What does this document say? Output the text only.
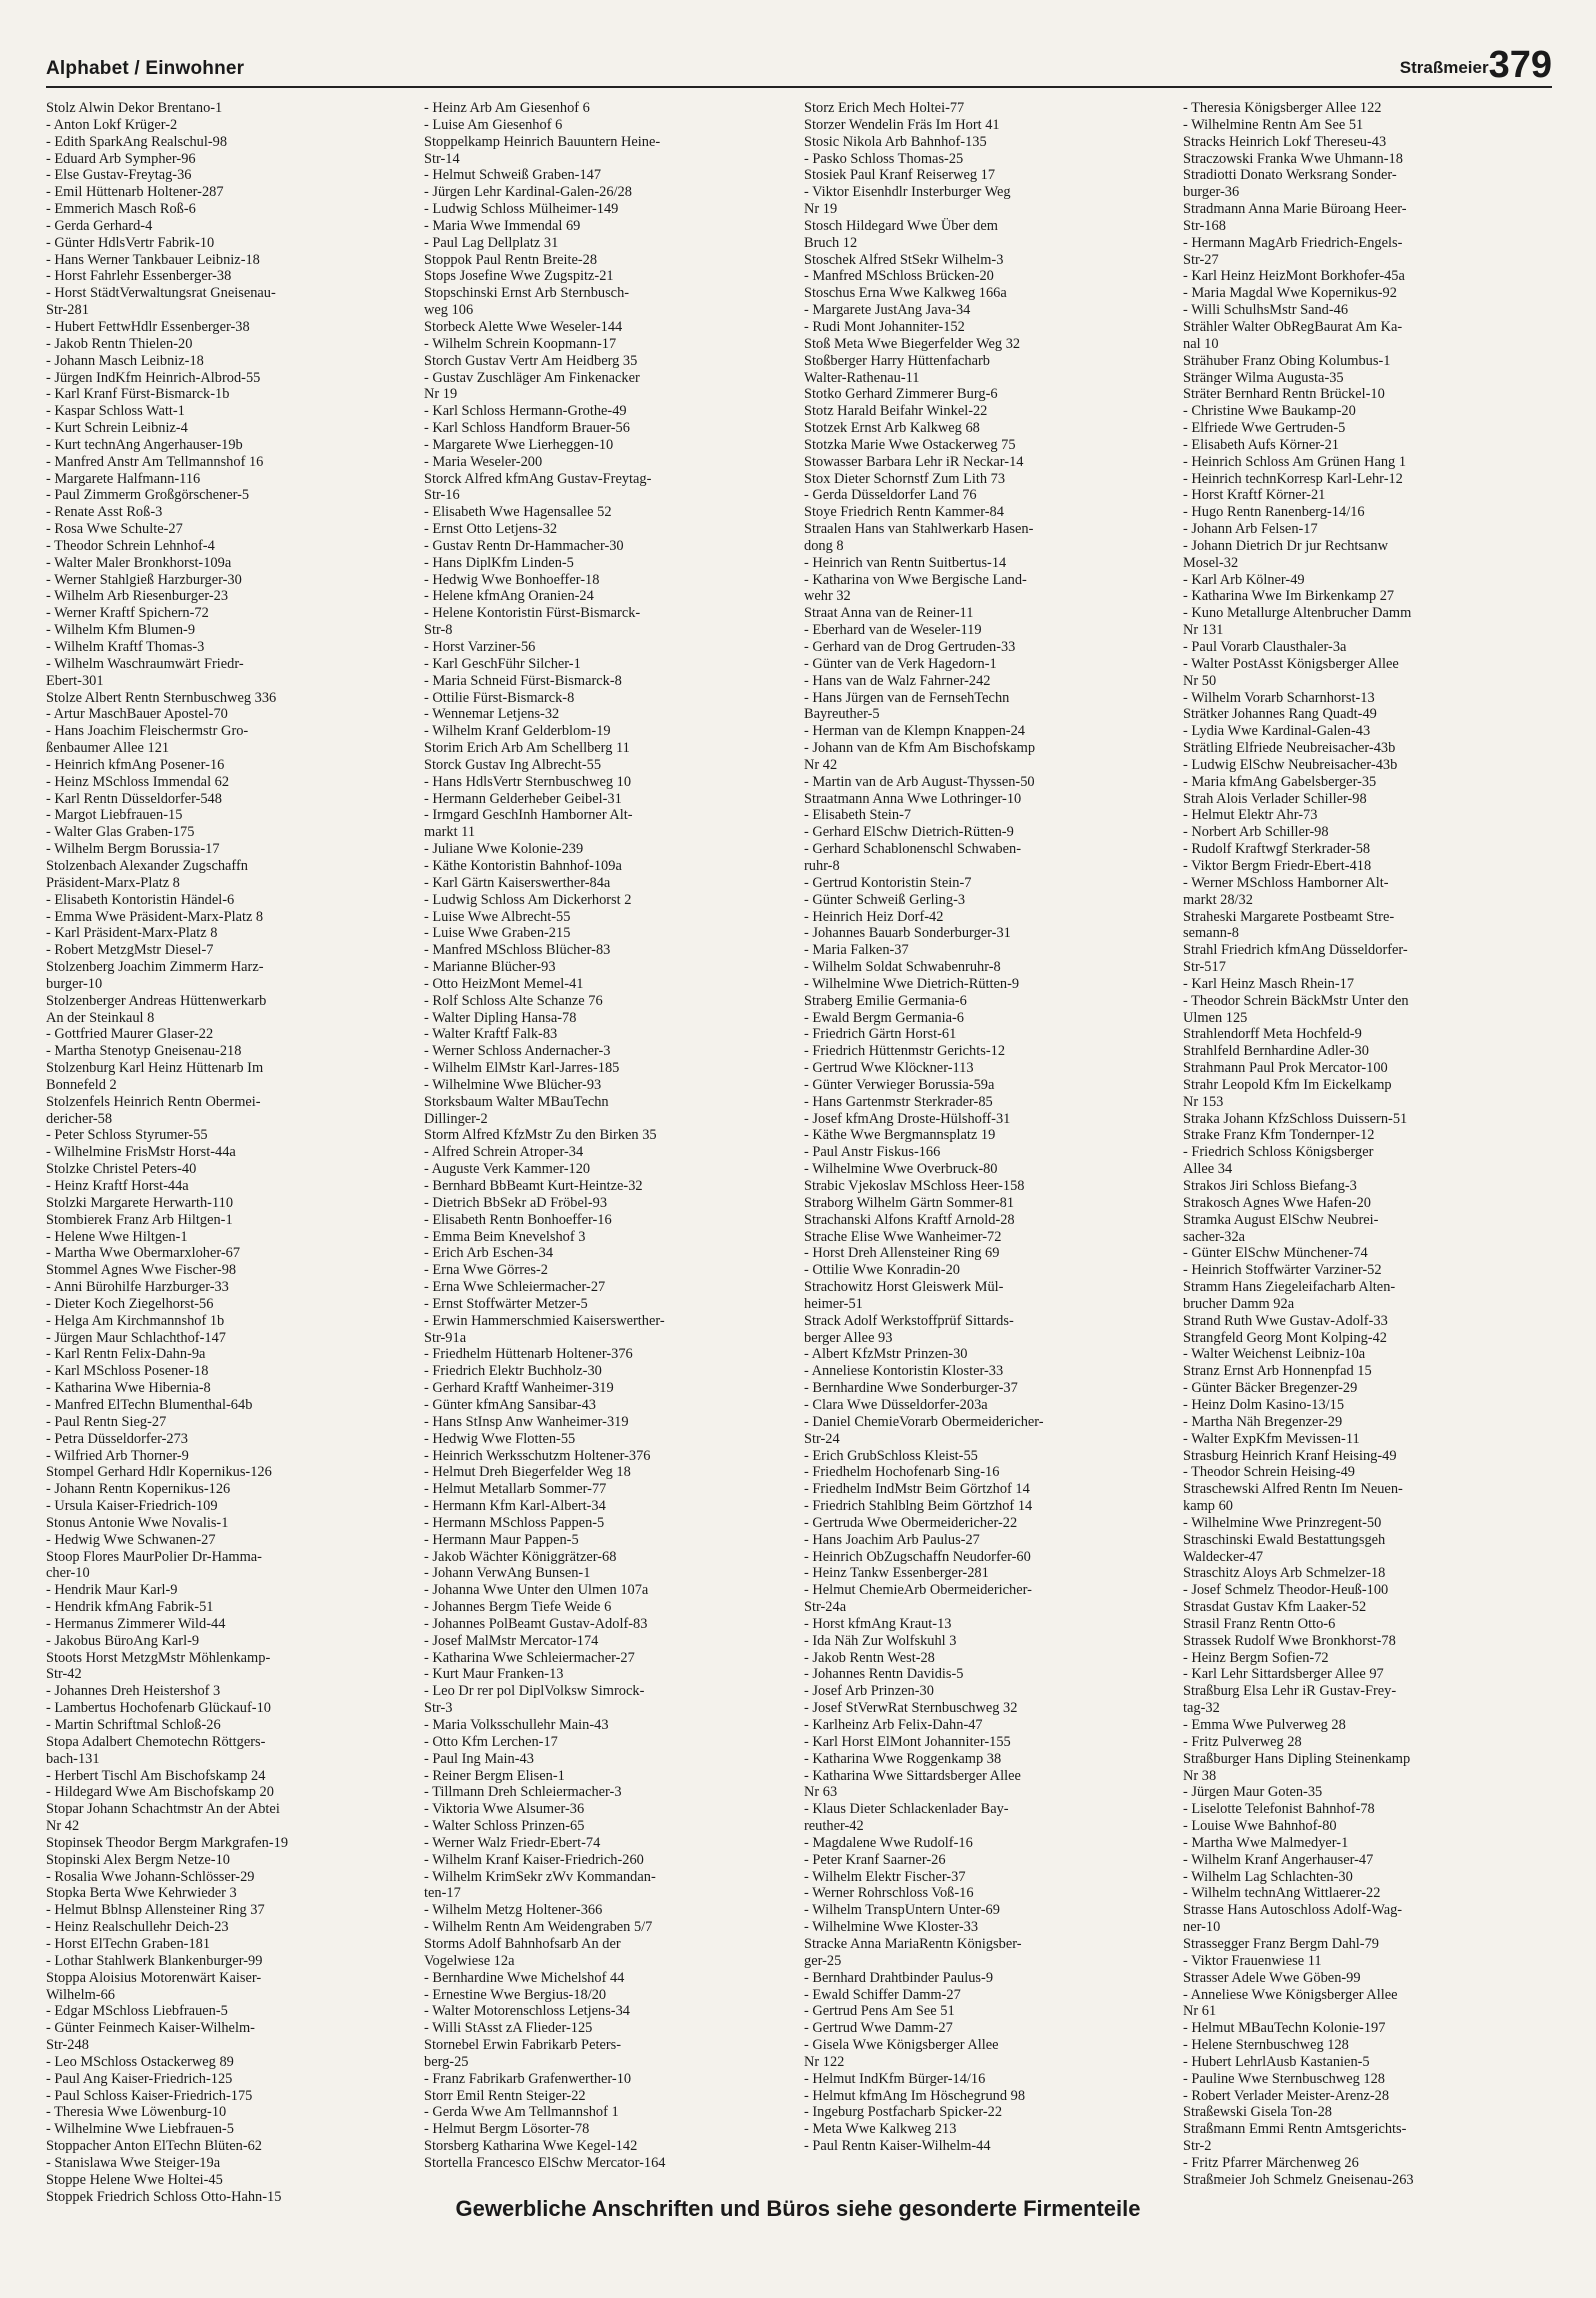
Alphabet / Einwohner	Straßmeier379

Stolz Alwin Dekor Brentano-1

- Anton Lokf Krüger-2

- Edith SparkAng Realschul-98

- Eduard Arb Sympher-96

- Else Gustav-Freytag-36

- Emil Hüttenarb Holtener-287

- Emmerich Masch Roß-6

- Gerda Gerhard-4

- Günter HdlsVertr Fabrik-10

- Hans Werner Tankbauer Leibniz-18

- Horst Fahrlehr Essenberger-38

- Horst StädtVerwaltungsrat Gneisenau-

Str-281

- Hubert FettwHdlr Essenberger-38

- Jakob Rentn Thielen-20

- Johann Masch Leibniz-18

- Jürgen IndKfm Heinrich-Albrod-55

- Karl Kranf Fürst-Bismarck-1b

- Kaspar Schloss Watt-1

- Kurt Schrein Leibniz-4

- Kurt technAng Angerhauser-19b

- Manfred Anstr Am Tellmannshof 16

- Margarete Halfmann-116

- Paul Zimmerm Großgörschener-5

- Renate Asst Roß-3

- Rosa Wwe Schulte-27

- Theodor Schrein Lehnhof-4

- Walter Maler Bronkhorst-109a

- Werner Stahlgieß Harzburger-30

- Wilhelm Arb Riesenburger-23

- Werner Kraftf Spichern-72

- Wilhelm Kfm Blumen-9

- Wilhelm Kraftf Thomas-3

- Wilhelm Waschraumwärt Friedr-

Ebert-301

Stolze Albert Rentn Sternbuschweg 336

- Artur MaschBauer Apostel-70

- Hans Joachim Fleischermstr Gro-

ßenbaumer Allee 121

- Heinrich kfmAng Posener-16

- Heinz MSchloss Immendal 62

- Karl Rentn Düsseldorfer-548

- Margot Liebfrauen-15

- Walter Glas Graben-175

- Wilhelm Bergm Borussia-17

Stolzenbach Alexander Zugschaffn

Präsident-Marx-Platz 8

- Elisabeth Kontoristin Händel-6

- Emma Wwe Präsident-Marx-Platz 8

- Karl Präsident-Marx-Platz 8

- Robert MetzgMstr Diesel-7

Stolzenberg Joachim Zimmerm Harz-

burger-10

Stolzenberger Andreas Hüttenwerkarb

An der Steinkaul 8

- Gottfried Maurer Glaser-22

- Martha Stenotyp Gneisenau-218

Stolzenburg Karl Heinz Hüttenarb Im

Bonnefeld 2

Stolzenfels Heinrich Rentn Obermei-

dericher-58

- Peter Schloss Styrumer-55

- Wilhelmine FrisMstr Horst-44a

Stolzke Christel Peters-40

- Heinz Kraftf Horst-44a

Stolzki Margarete Herwarth-110

Stombierek Franz Arb Hiltgen-1

- Helene Wwe Hiltgen-1

- Martha Wwe Obermarxloher-67

Stommel Agnes Wwe Fischer-98

- Anni Bürohilfe Harzburger-33

- Dieter Koch Ziegelhorst-56

- Helga Am Kirchmannshof 1b

- Jürgen Maur Schlachthof-147

- Karl Rentn Felix-Dahn-9a

- Karl MSchloss Posener-18

- Katharina Wwe Hibernia-8

- Manfred ElTechn Blumenthal-64b

- Paul Rentn Sieg-27

- Petra Düsseldorfer-273

- Wilfried Arb Thorner-9

Stompel Gerhard Hdlr Kopernikus-126

- Johann Rentn Kopernikus-126

- Ursula Kaiser-Friedrich-109

Stonus Antonie Wwe Novalis-1

- Hedwig Wwe Schwanen-27

Stoop Flores MaurPolier Dr-Hamma-

cher-10

- Hendrik Maur Karl-9

- Hendrik kfmAng Fabrik-51

- Hermanus Zimmerer Wild-44

- Jakobus BüroAng Karl-9

Stoots Horst MetzgMstr Möhlenkamp-

Str-42

- Johannes Dreh Heistershof 3

- Lambertus Hochofenarb Glückauf-10

- Martin Schriftmal Schloß-26

Stopa Adalbert Chemotechn Röttgers-

bach-131

- Herbert Tischl Am Bischofskamp 24

- Hildegard Wwe Am Bischofskamp 20

Stopar Johann Schachtmstr An der Abtei

Nr 42

Stopinsek Theodor Bergm Markgrafen-19

Stopinski Alex Bergm Netze-10

- Rosalia Wwe Johann-Schlösser-29

Stopka Berta Wwe Kehrwieder 3

- Helmut Bblnsp Allensteiner Ring 37

- Heinz Realschullehr Deich-23

- Horst ElTechn Graben-181

- Lothar Stahlwerk Blankenburger-99

Stoppa Aloisius Motorenwärt Kaiser-

Wilhelm-66

- Edgar MSchloss Liebfrauen-5

- Günter Feinmech Kaiser-Wilhelm-

Str-248

- Leo MSchloss Ostackerweg 89

- Paul Ang Kaiser-Friedrich-125

- Paul Schloss Kaiser-Friedrich-175

- Theresia Wwe Löwenburg-10

- Wilhelmine Wwe Liebfrauen-5

Stoppacher Anton ElTechn Blüten-62

- Stanislawa Wwe Steiger-19a

Stoppe Helene Wwe Holtei-45

Stoppek Friedrich Schloss Otto-Hahn-15

- Heinz Arb Am Giesenhof 6

- Luise Am Giesenhof 6

Stoppelkamp Heinrich Bauuntern Heine-

Str-14

- Helmut Schweiß Graben-147

- Jürgen Lehr Kardinal-Galen-26/28

- Ludwig Schloss Mülheimer-149

- Maria Wwe Immendal 69

- Paul Lag Dellplatz 31

Stoppok Paul Rentn Breite-28

Stops Josefine Wwe Zugspitz-21

Stopschinski Ernst Arb Sternbusch-

weg 106

Storbeck Alette Wwe Weseler-144

- Wilhelm Schrein Koopmann-17

Storch Gustav Vertr Am Heidberg 35

- Gustav Zuschläger Am Finkenacker

Nr 19

- Karl Schloss Hermann-Grothe-49

- Karl Schloss Handform Brauer-56

- Margarete Wwe Lierheggen-10

- Maria Weseler-200

Storck Alfred kfmAng Gustav-Freytag-

Str-16

- Elisabeth Wwe Hagensallee 52

- Ernst Otto Letjens-32

- Gustav Rentn Dr-Hammacher-30

- Hans DiplKfm Linden-5

- Hedwig Wwe Bonhoeffer-18

- Helene kfmAng Oranien-24

- Helene Kontoristin Fürst-Bismarck-

Str-8

- Horst Varziner-56

- Karl GeschFühr Silcher-1

- Maria Schneid Fürst-Bismarck-8

- Ottilie Fürst-Bismarck-8

- Wennemar Letjens-32

- Wilhelm Kranf Gelderblom-19

Storim Erich Arb Am Schellberg 11

Storck Gustav Ing Albrecht-55

- Hans HdlsVertr Sternbuschweg 10

- Hermann Gelderheber Geibel-31

- Irmgard GeschInh Hamborner Alt-

markt 11

- Juliane Wwe Kolonie-239

- Käthe Kontoristin Bahnhof-109a

- Karl Gärtn Kaiserswerther-84a

- Ludwig Schloss Am Dickerhorst 2

- Luise Wwe Albrecht-55

- Luise Wwe Graben-215

- Manfred MSchloss Blücher-83

- Marianne Blücher-93

- Otto HeizMont Memel-41

- Rolf Schloss Alte Schanze 76

- Walter Dipling Hansa-78

- Walter Kraftf Falk-83

- Werner Schloss Andernacher-3

- Wilhelm ElMstr Karl-Jarres-185

- Wilhelmine Wwe Blücher-93

Storksbaum Walter MBauTechn

Dillinger-2

Storm Alfred KfzMstr Zu den Birken 35

- Alfred Schrein Atroper-34

- Auguste Verk Kammer-120

- Bernhard BbBeamt Kurt-Heintze-32

- Dietrich BbSekr aD Fröbel-93

- Elisabeth Rentn Bonhoeffer-16

- Emma Beim Knevelshof 3

- Erich Arb Eschen-34

- Erna Wwe Görres-2

- Erna Wwe Schleiermacher-27

- Ernst Stoffwärter Metzer-5

- Erwin Hammerschmied Kaiserswerther-

Str-91a

- Friedhelm Hüttenarb Holtener-376

- Friedrich Elektr Buchholz-30

- Gerhard Kraftf Wanheimer-319

- Günter kfmAng Sansibar-43

- Hans StInsp Anw Wanheimer-319

- Hedwig Wwe Flotten-55

- Heinrich Werksschutzm Holtener-376

- Helmut Dreh Biegerfelder Weg 18

- Helmut Metallarb Sommer-77

- Hermann Kfm Karl-Albert-34

- Hermann MSchloss Pappen-5

- Hermann Maur Pappen-5

- Jakob Wächter Königgrätzer-68

- Johann VerwAng Bunsen-1

- Johanna Wwe Unter den Ulmen 107a

- Johannes Bergm Tiefe Weide 6

- Johannes PolBeamt Gustav-Adolf-83

- Josef MalMstr Mercator-174

- Katharina Wwe Schleiermacher-27

- Kurt Maur Franken-13

- Leo Dr rer pol DiplVolksw Simrock-

Str-3

- Maria Volksschullehr Main-43

- Otto Kfm Lerchen-17

- Paul Ing Main-43

- Reiner Bergm Elisen-1

- Tillmann Dreh Schleiermacher-3

- Viktoria Wwe Alsumer-36

- Walter Schloss Prinzen-65

- Werner Walz Friedr-Ebert-74

- Wilhelm Kranf Kaiser-Friedrich-260

- Wilhelm KrimSekr zWv Kommandan-

ten-17

- Wilhelm Metzg Holtener-366

- Wilhelm Rentn Am Weidengraben 5/7

Storms Adolf Bahnhofsarb An der

Vogelwiese 12a

- Bernhardine Wwe Michelshof 44

- Ernestine Wwe Bergius-18/20

- Walter Motorenschloss Letjens-34

- Willi StAsst zA Flieder-125

Stornebel Erwin Fabrikarb Peters-

berg-25

- Franz Fabrikarb Grafenwerther-10

Storr Emil Rentn Steiger-22

- Gerda Wwe Am Tellmannshof 1

- Helmut Bergm Lösorter-78

Storsberg Katharina Wwe Kegel-142

Stortella Francesco ElSchw Mercator-164

Storz Erich Mech Holtei-77

Storzer Wendelin Fräs Im Hort 41

Stosic Nikola Arb Bahnhof-135

- Pasko Schloss Thomas-25

Stosiek Paul Kranf Reiserweg 17

- Viktor Eisenhdlr Insterburger Weg

Nr 19

Stosch Hildegard Wwe Über dem

Bruch 12

Stoschek Alfred StSekr Wilhelm-3

- Manfred MSchloss Brücken-20

Stoschus Erna Wwe Kalkweg 166a

- Margarete JustAng Java-34

- Rudi Mont Johanniter-152

Stoß Meta Wwe Biegerfelder Weg 32

Stoßberger Harry Hüttenfacharb

Walter-Rathenau-11

Stotko Gerhard Zimmerer Burg-6

Stotz Harald Beifahr Winkel-22

Stotzek Ernst Arb Kalkweg 68

Stotzka Marie Wwe Ostackerweg 75

Stowasser Barbara Lehr iR Neckar-14

Stox Dieter Schornstf Zum Lith 73

- Gerda Düsseldorfer Land 76

Stoye Friedrich Rentn Kammer-84

Straalen Hans van Stahlwerkarb Hasen-

dong 8

- Heinrich van Rentn Suitbertus-14

- Katharina von Wwe Bergische Land-

wehr 32

Straat Anna van de Reiner-11

- Eberhard van de Weseler-119

- Gerhard van de Drog Gertruden-33

- Günter van de Verk Hagedorn-1

- Hans van de Walz Fahrner-242

- Hans Jürgen van de FernsehTechn

Bayreuther-5

- Herman van de Klempn Knappen-24

- Johann van de Kfm Am Bischofskamp

Nr 42

- Martin van de Arb August-Thyssen-50

Straatmann Anna Wwe Lothringer-10

- Elisabeth Stein-7

- Gerhard ElSchw Dietrich-Rütten-9

- Gerhard Schablonenschl Schwaben-

ruhr-8

- Gertrud Kontoristin Stein-7

- Günter Schweiß Gerling-3

- Heinrich Heiz Dorf-42

- Johannes Bauarb Sonderburger-31

- Maria Falken-37

- Wilhelm Soldat Schwabenruhr-8

- Wilhelmine Wwe Dietrich-Rütten-9

Straberg Emilie Germania-6

- Ewald Bergm Germania-6

- Friedrich Gärtn Horst-61

- Friedrich Hüttenmstr Gerichts-12

- Gertrud Wwe Klöckner-113

- Günter Verwieger Borussia-59a

- Hans Gartenmstr Sterkrader-85

- Josef kfmAng Droste-Hülshoff-31

- Käthe Wwe Bergmannsplatz 19

- Paul Anstr Fiskus-166

- Wilhelmine Wwe Overbruck-80

Strabic Vjekoslav MSchloss Heer-158

Straborg Wilhelm Gärtn Sommer-81

Strachanski Alfons Kraftf Arnold-28

Strache Elise Wwe Wanheimer-72

- Horst Dreh Allensteiner Ring 69

- Ottilie Wwe Konradin-20

Strachowitz Horst Gleiswerk Mül-

heimer-51

Strack Adolf Werkstoffprüf Sittards-

berger Allee 93

- Albert KfzMstr Prinzen-30

- Anneliese Kontoristin Kloster-33

- Bernhardine Wwe Sonderburger-37

- Clara Wwe Düsseldorfer-203a

- Daniel ChemieVorarb Obermeidericher-

Str-24

- Erich GrubSchloss Kleist-55

- Friedhelm Hochofenarb Sing-16

- Friedhelm IndMstr Beim Görtzhof 14

- Friedrich Stahlblng Beim Görtzhof 14

- Gertruda Wwe Obermeidericher-22

- Hans Joachim Arb Paulus-27

- Heinrich ObZugschaffn Neudorfer-60

- Heinz Tankw Essenberger-281

- Helmut ChemieArb Obermeidericher-

Str-24a

- Horst kfmAng Kraut-13

- Ida Näh Zur Wolfskuhl 3

- Jakob Rentn West-28

- Johannes Rentn Davidis-5

- Josef Arb Prinzen-30

- Josef StVerwRat Sternbuschweg 32

- Karlheinz Arb Felix-Dahn-47

- Karl Horst ElMont Johanniter-155

- Katharina Wwe Roggenkamp 38

- Katharina Wwe Sittardsberger Allee

Nr 63

- Klaus Dieter Schlackenlader Bay-

reuther-42

- Magdalene Wwe Rudolf-16

- Peter Kranf Saarner-26

- Wilhelm Elektr Fischer-37

- Werner Rohrschloss Voß-16

- Wilhelm TranspUntern Unter-69

- Wilhelmine Wwe Kloster-33

Stracke Anna MariaRentn Königsber-

ger-25

- Bernhard Drahtbinder Paulus-9

- Ewald Schiffer Damm-27

- Gertrud Pens Am See 51

- Gertrud Wwe Damm-27

- Gisela Wwe Königsberger Allee

Nr 122

- Helmut IndKfm Bürger-14/16

- Helmut kfmAng Im Höschegrund 98

- Ingeburg Postfacharb Spicker-22

- Meta Wwe Kalkweg 213

- Paul Rentn Kaiser-Wilhelm-44

- Theresia Königsberger Allee 122

- Wilhelmine Rentn Am See 51

Stracks Heinrich Lokf Thereseu-43

Straczowski Franka Wwe Uhmann-18

Stradiotti Donato Werksrang Sonder-

burger-36

Stradmann Anna Marie Büroang Heer-

Str-168

- Hermann MagArb Friedrich-Engels-

Str-27

- Karl Heinz HeizMont Borkhofer-45a

- Maria Magdal Wwe Kopernikus-92

- Willi SchulhsMstr Sand-46

Strähler Walter ObRegBaurat Am Ka-

nal 10

Strähuber Franz Obing Kolumbus-1

Stränger Wilma Augusta-35

Sträter Bernhard Rentn Brückel-10

- Christine Wwe Baukamp-20

- Elfriede Wwe Gertruden-5

- Elisabeth Aufs Körner-21

- Heinrich Schloss Am Grünen Hang 1

- Heinrich technKorresp Karl-Lehr-12

- Horst Kraftf Körner-21

- Hugo Rentn Ranenberg-14/16

- Johann Arb Felsen-17

- Johann Dietrich Dr jur Rechtsanw

Mosel-32

- Karl Arb Kölner-49

- Katharina Wwe Im Birkenkamp 27

- Kuno Metallurge Altenbrucher Damm

Nr 131

- Paul Vorarb Clausthaler-3a

- Walter PostAsst Königsberger Allee

Nr 50

- Wilhelm Vorarb Scharnhorst-13

Strätker Johannes Rang Quadt-49

- Lydia Wwe Kardinal-Galen-43

Strätling Elfriede Neubreisacher-43b

- Ludwig ElSchw Neubreisacher-43b

- Maria kfmAng Gabelsberger-35

Strah Alois Verlader Schiller-98

- Helmut Elektr Ahr-73

- Norbert Arb Schiller-98

- Rudolf Kraftwgf Sterkrader-58

- Viktor Bergm Friedr-Ebert-418

- Werner MSchloss Hamborner Alt-

markt 28/32

Straheski Margarete Postbeamt Stre-

semann-8

Strahl Friedrich kfmAng Düsseldorfer-

Str-517

- Karl Heinz Masch Rhein-17

- Theodor Schrein BäckMstr Unter den

Ulmen 125

Strahlendorff Meta Hochfeld-9

Strahlfeld Bernhardine Adler-30

Strahmann Paul Prok Mercator-100

Strahr Leopold Kfm Im Eickelkamp

Nr 153

Straka Johann KfzSchloss Duissern-51

Strake Franz Kfm Tondernper-12

- Friedrich Schloss Königsberger

Allee 34

Strakos Jiri Schloss Biefang-3

Strakosch Agnes Wwe Hafen-20

Stramka August ElSchw Neubrei-

sacher-32a

- Günter ElSchw Münchener-74

- Heinrich Stoffwärter Varziner-52

Stramm Hans Ziegeleifacharb Alten-

brucher Damm 92a

Strand Ruth Wwe Gustav-Adolf-33

Strangfeld Georg Mont Kolping-42

- Walter Weichenst Leibniz-10a

Stranz Ernst Arb Honnenpfad 15

- Günter Bäcker Bregenzer-29

- Heinz Dolm Kasino-13/15

- Martha Näh Bregenzer-29

- Walter ExpKfm Mevissen-11

Strasburg Heinrich Kranf Heising-49

- Theodor Schrein Heising-49

Straschewski Alfred Rentn Im Neuen-

kamp 60

- Wilhelmine Wwe Prinzregent-50

Straschinski Ewald Bestattungsgeh

Waldecker-47

Straschitz Aloys Arb Schmelzer-18

- Josef Schmelz Theodor-Heuß-100

Strasdat Gustav Kfm Laaker-52

Strasil Franz Rentn Otto-6

Strassek Rudolf Wwe Bronkhorst-78

- Heinz Bergm Sofien-72

- Karl Lehr Sittardsberger Allee 97

Straßburg Elsa Lehr iR Gustav-Frey-

tag-32

- Emma Wwe Pulverweg 28

- Fritz Pulverweg 28

Straßburger Hans Dipling Steinenkamp

Nr 38

- Jürgen Maur Goten-35

- Liselotte Telefonist Bahnhof-78

- Louise Wwe Bahnhof-80

- Martha Wwe Malmedyer-1

- Wilhelm Kranf Angerhauser-47

- Wilhelm Lag Schlachten-30

- Wilhelm technAng Wittlaerer-22

Strasse Hans Autoschloss Adolf-Wag-

ner-10

Strassegger Franz Bergm Dahl-79

- Viktor Frauenwiese 11

Strasser Adele Wwe Göben-99

- Anneliese Wwe Königsberger Allee

Nr 61

- Helmut MBauTechn Kolonie-197

- Helene Sternbuschweg 128

- Hubert LehrlAusb Kastanien-5

- Pauline Wwe Sternbuschweg 128

- Robert Verlader Meister-Arenz-28

Straßewski Gisela Ton-28

Straßmann Emmi Rentn Amtsgerichts-

Str-2

- Fritz Pfarrer Märchenweg 26

Straßmeier Joh Schmelz Gneisenau-263

Gewerbliche Anschriften und Büros siehe gesonderte Firmenteile
